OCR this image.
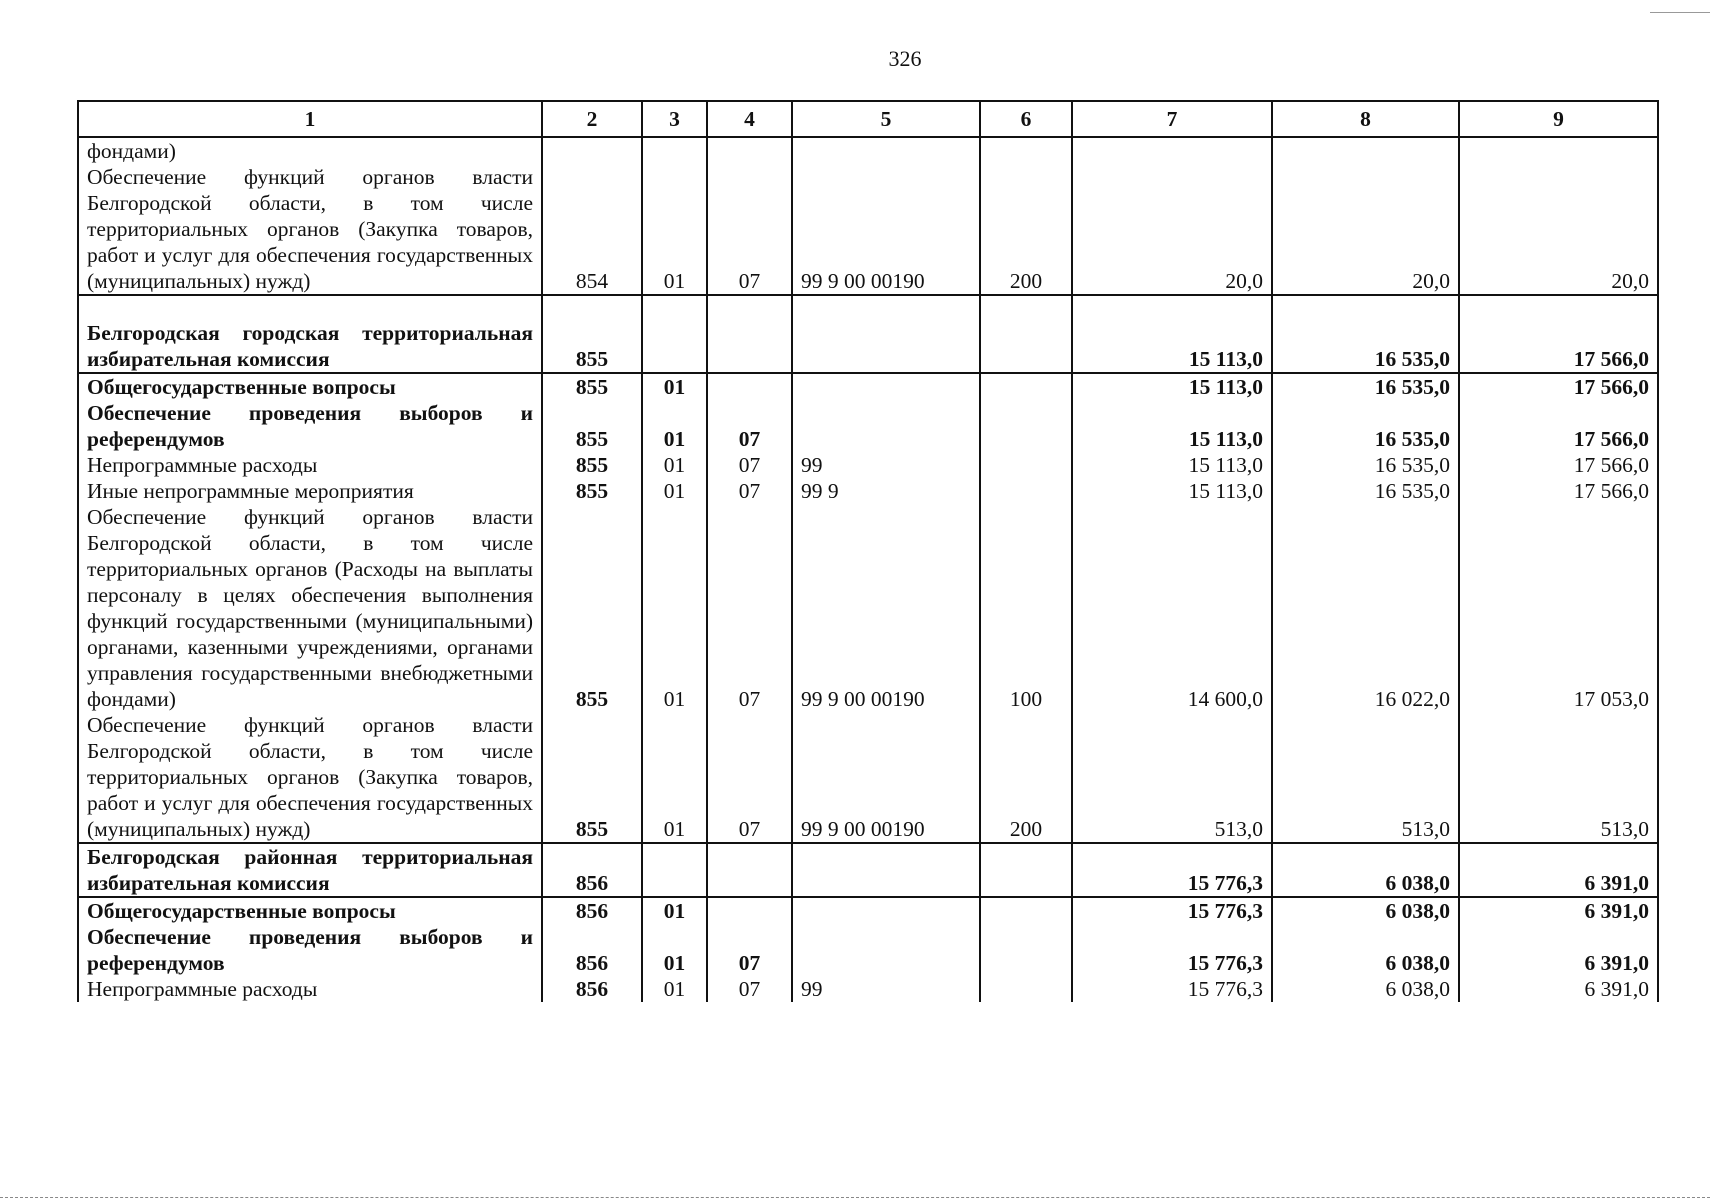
326
1	2	3	4	5	6	7	8	9
фондами)
Обеспечение функций органов власти Белгородской области, в том числе территориальных органов (Закупка товаров, работ и услуг для обеспечения государственных (муниципальных) нужд)	854	01	07	99 9 00 00190	200	20,0	20,0	20,0
Белгородская городская территориальная избирательная комиссия	855					15 113,0	16 535,0	17 566,0
Общегосударственные вопросы	855	01				15 113,0	16 535,0	17 566,0
Обеспечение проведения выборов и референдумов	855	01	07			15 113,0	16 535,0	17 566,0
Непрограммные расходы	855	01	07	99		15 113,0	16 535,0	17 566,0
Иные непрограммные мероприятия	855	01	07	99 9		15 113,0	16 535,0	17 566,0
Обеспечение функций органов власти Белгородской области, в том числе территориальных органов (Расходы на выплаты персоналу в целях обеспечения выполнения функций государственными (муниципальными) органами, казенными учреждениями, органами управления государственными внебюджетными фондами)	855	01	07	99 9 00 00190	100	14 600,0	16 022,0	17 053,0
Обеспечение функций органов власти Белгородской области, в том числе территориальных органов (Закупка товаров, работ и услуг для обеспечения государственных (муниципальных) нужд)	855	01	07	99 9 00 00190	200	513,0	513,0	513,0
Белгородская районная территориальная избирательная комиссия	856					15 776,3	6 038,0	6 391,0
Общегосударственные вопросы	856	01				15 776,3	6 038,0	6 391,0
Обеспечение проведения выборов и референдумов	856	01	07			15 776,3	6 038,0	6 391,0
Непрограммные расходы	856	01	07	99		15 776,3	6 038,0	6 391,0
